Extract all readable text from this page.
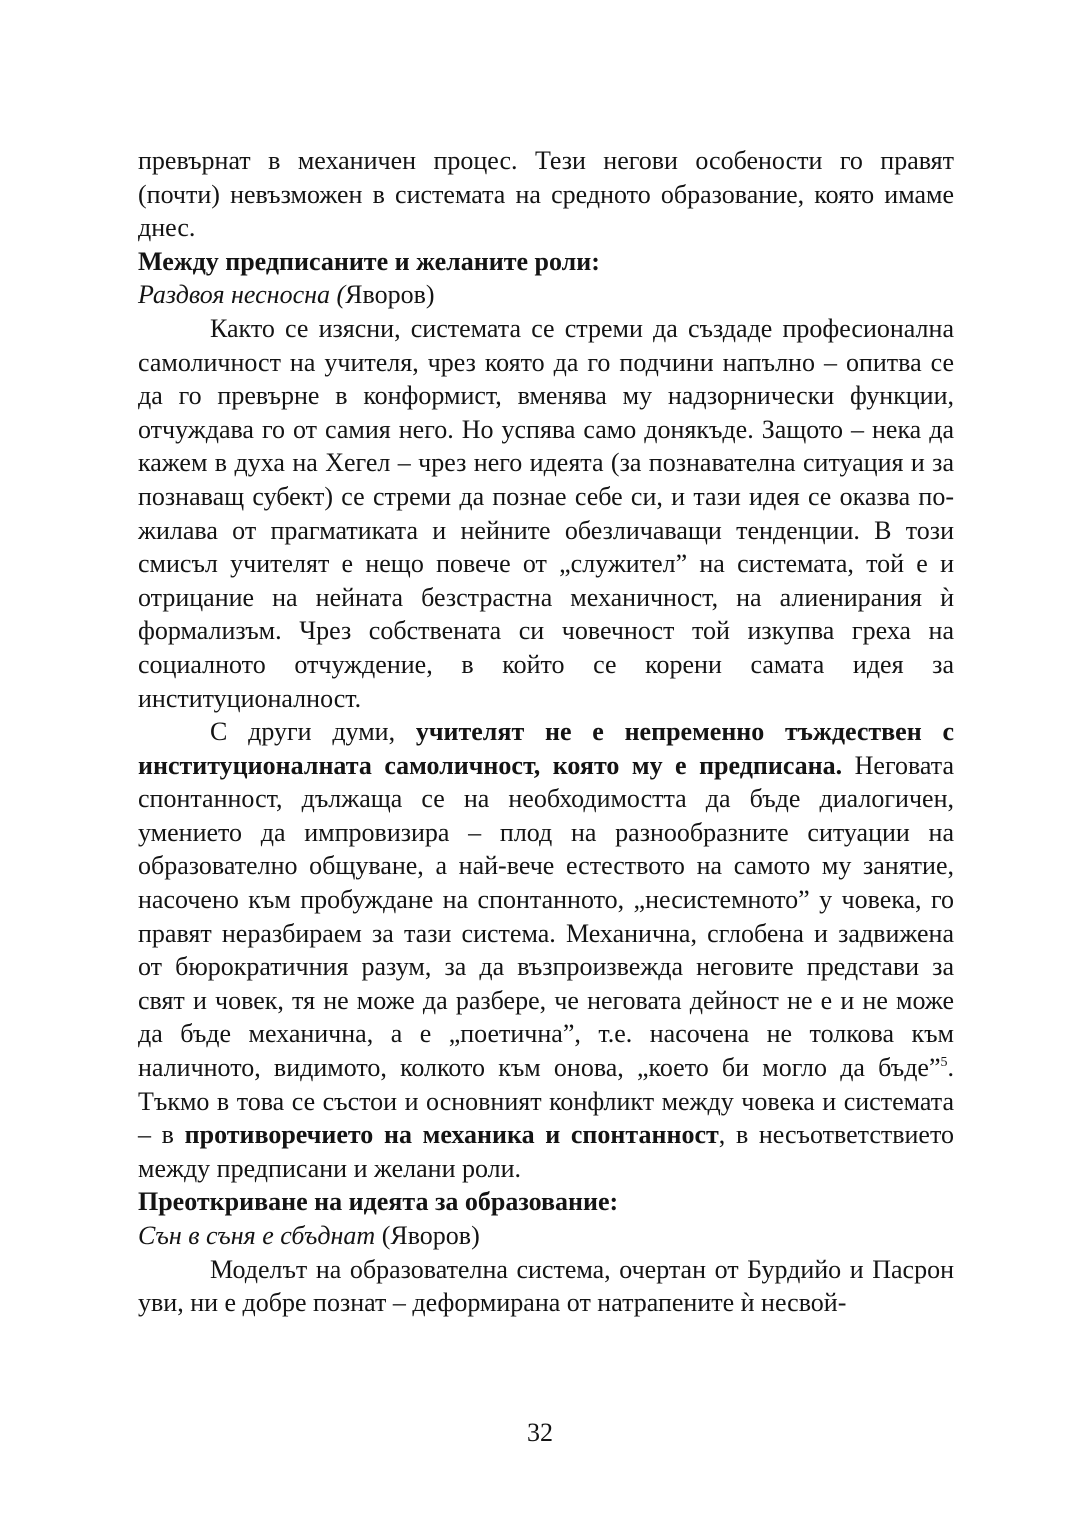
превърнат в механичен процес. Тези негови особености го правят (почти) невъзможен в системата на средното образование, която имаме днес.

Между предписаните и желаните роли:

Раздвоя несносна (Яворов)

Както се изясни, системата се стреми да създаде професионална самоличност на учителя, чрез която да го подчини напълно – опитва се да го превърне в конформист, вменява му надзорнически функции, отчуждава го от самия него. Но успява само донякъде. Защото – нека да кажем в духа на Хегел – чрез него идеята (за познавателна ситуация и за познаващ субект) се стреми да познае себе си, и тази идея се оказва по-жилава от прагматиката и нейните обезличаващи тенденции. В този смисъл учителят е нещо повече от „служител” на системата, той е и отрицание на нейната безстрастна механичност, на алиенирания ѝ формализъм. Чрез собствената си човечност той изкупва греха на социалното отчуждение, в който се корени самата идея за институционалност.

С други думи, учителят не е непременно тъждествен с институционалната самоличност, която му е предписана. Неговата спонтанност, дължаща се на необходимостта да бъде диалогичен, умението да импровизира – плод на разнообразните ситуации на образователно общуване, а най-вече естеството на самото му занятие, насочено към пробуждане на спонтанното, „несистемното” у човека, го правят неразбираем за тази система. Механична, сглобена и задвижена от бюрократичния разум, за да възпроизвежда неговите представи за свят и човек, тя не може да разбере, че неговата дейност не е и не може да бъде механична, а е „поетична”, т.е. насочена не толкова към наличното, видимото, колкото към онова, „което би могло да бъде”$^5$. Тъкмо в това се състои и основният конфликт между човека и системата – в противоречието на механика и спонтанност, в несъответствието между предписани и желани роли.

Преоткриване на идеята за образование:

Сън в съня е сбъднат (Яворов)

Моделът на образователна система, очертан от Бурдийо и Пасрон уви, ни е добре познат – деформирана от натрапените ѝ несвой-

32
